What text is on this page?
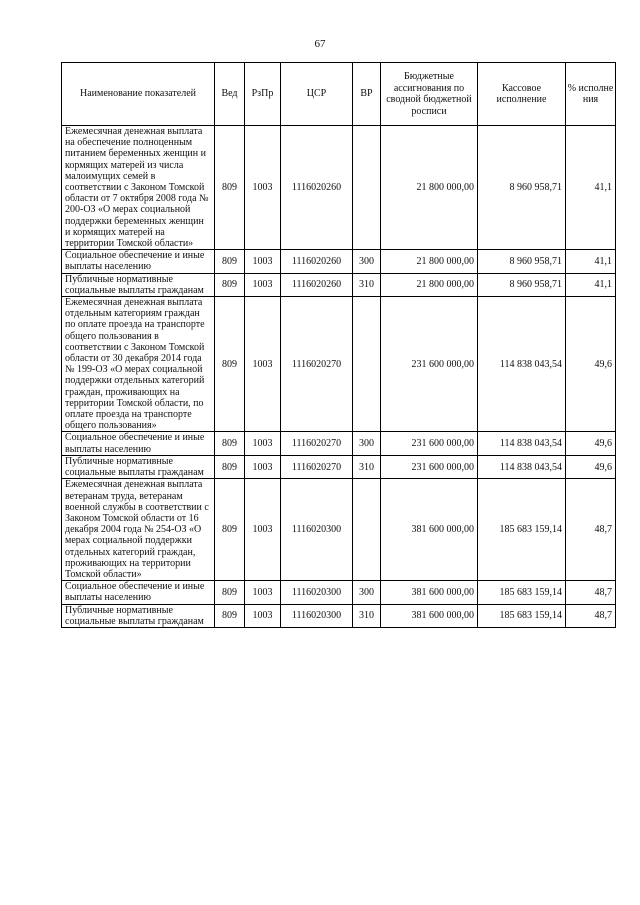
67
Наименование показателей	Вед	РзПр	ЦСР	ВР	Бюджетные ассигнования по сводной бюджетной росписи	Кассовое исполнение	% исполне ния
Ежемесячная денежная выплата на обеспечение полноценным питанием беременных женщин и кормящих матерей из числа малоимущих семей в соответствии с Законом Томской области от 7 октября 2008 года № 200-ОЗ «О мерах социальной поддержки беременных женщин и кормящих матерей на территории Томской области»	809	1003	1116020260		21 800 000,00	8 960 958,71	41,1
Социальное обеспечение и иные выплаты населению	809	1003	1116020260	300	21 800 000,00	8 960 958,71	41,1
Публичные нормативные социальные выплаты гражданам	809	1003	1116020260	310	21 800 000,00	8 960 958,71	41,1
Ежемесячная денежная выплата отдельным категориям граждан по оплате проезда на транспорте общего пользования в соответствии с Законом Томской области от 30 декабря 2014 года № 199-ОЗ «О мерах социальной поддержки отдельных категорий граждан, проживающих на территории Томской области, по оплате проезда на транспорте общего пользования»	809	1003	1116020270		231 600 000,00	114 838 043,54	49,6
Социальное обеспечение и иные выплаты населению	809	1003	1116020270	300	231 600 000,00	114 838 043,54	49,6
Публичные нормативные социальные выплаты гражданам	809	1003	1116020270	310	231 600 000,00	114 838 043,54	49,6
Ежемесячная денежная выплата ветеранам труда, ветеранам военной службы в соответствии с Законом Томской области от 16 декабря 2004 года № 254-ОЗ «О мерах социальной поддержки отдельных категорий граждан, проживающих на территории Томской области»	809	1003	1116020300		381 600 000,00	185 683 159,14	48,7
Социальное обеспечение и иные выплаты населению	809	1003	1116020300	300	381 600 000,00	185 683 159,14	48,7
Публичные нормативные социальные выплаты гражданам	809	1003	1116020300	310	381 600 000,00	185 683 159,14	48,7
